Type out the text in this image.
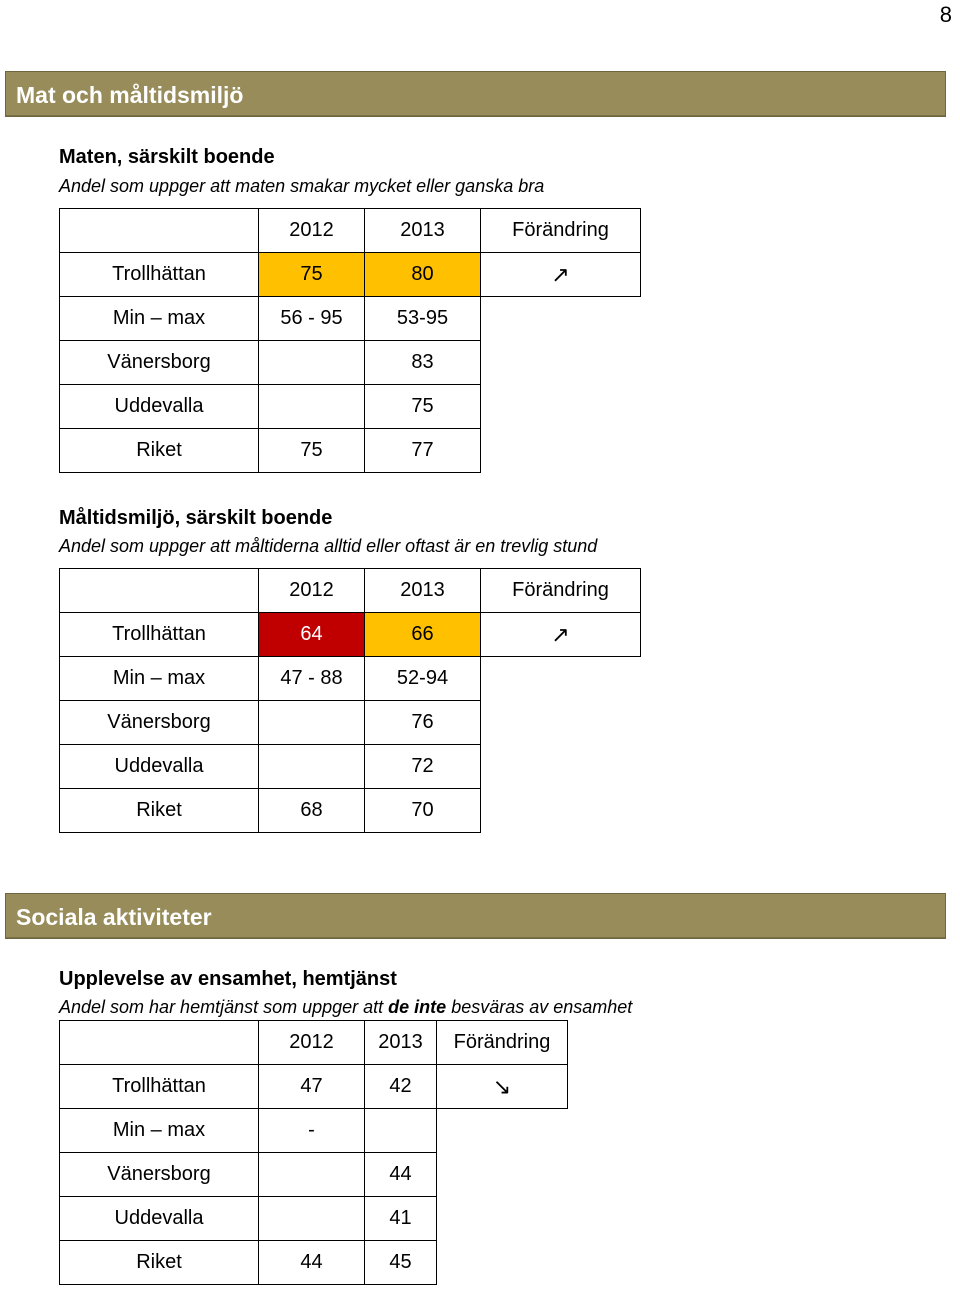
8
Mat och måltidsmiljö
Maten, särskilt boende
Andel som uppger att maten smakar mycket eller ganska bra
	2012	2013	Förändring
Trollhättan	75	80	↗
Min – max	56 - 95	53-95	
Vänersborg		83	
Uddevalla		75	
Riket	75	77	
Måltidsmiljö, särskilt boende
Andel som uppger att måltiderna alltid eller oftast är en trevlig stund
	2012	2013	Förändring
Trollhättan	64	66	↗
Min – max	47 - 88	52-94	
Vänersborg		76	
Uddevalla		72	
Riket	68	70	
Sociala aktiviteter
Upplevelse av ensamhet, hemtjänst
Andel som har hemtjänst som uppger att de inte besväras av ensamhet
	2012	2013	Förändring
Trollhättan	47	42	↘
Min – max	-		
Vänersborg		44	
Uddevalla		41	
Riket	44	45	
